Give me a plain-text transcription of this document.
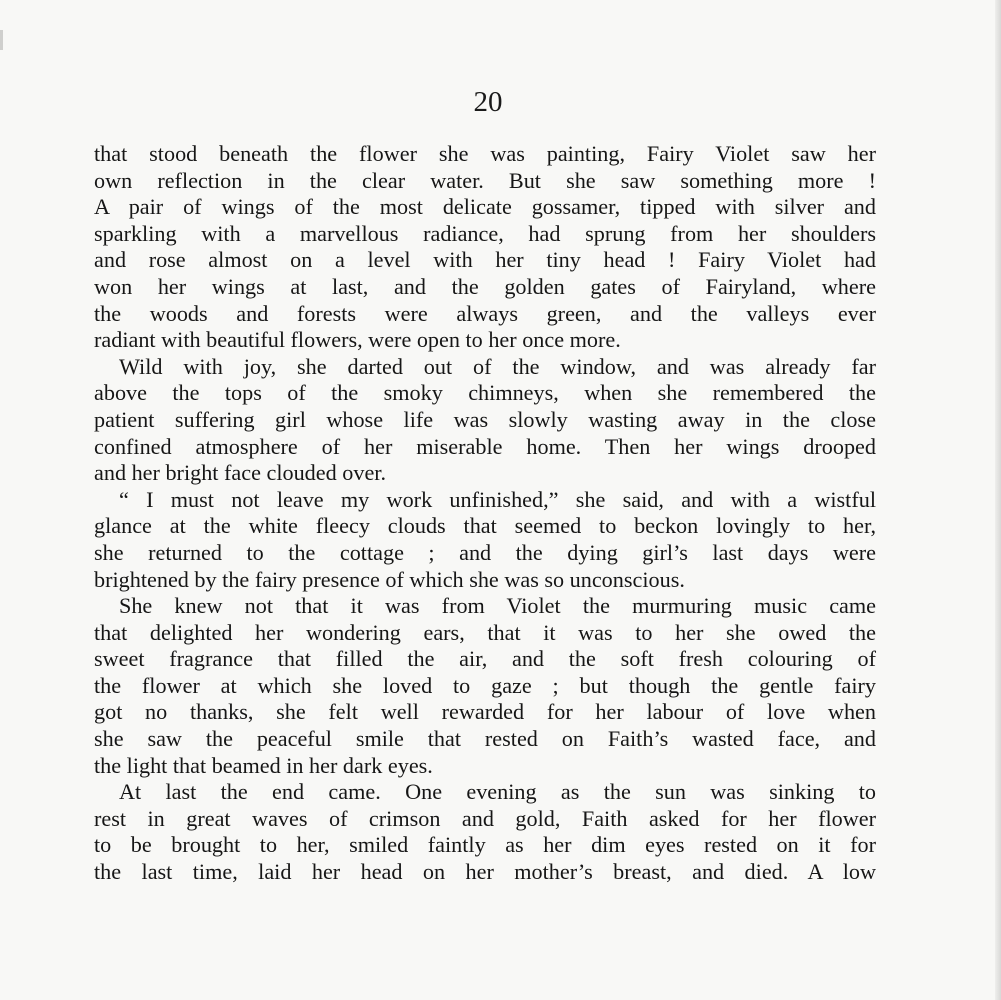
20
that stood beneath the flower she was painting, Fairy Violet saw her
own reflection in the clear water. But she saw something more !
A pair of wings of the most delicate gossamer, tipped with silver and
sparkling with a marvellous radiance, had sprung from her shoulders
and rose almost on a level with her tiny head ! Fairy Violet had
won her wings at last, and the golden gates of Fairyland, where
the woods and forests were always green, and the valleys ever
radiant with beautiful flowers, were open to her once more.
Wild with joy, she darted out of the window, and was already far
above the tops of the smoky chimneys, when she remembered the
patient suffering girl whose life was slowly wasting away in the close
confined atmosphere of her miserable home. Then her wings drooped
and her bright face clouded over.
“ I must not leave my work unfinished,” she said, and with a wistful
glance at the white fleecy clouds that seemed to beckon lovingly to her,
she returned to the cottage ; and the dying girl’s last days were
brightened by the fairy presence of which she was so unconscious.
She knew not that it was from Violet the murmuring music came
that delighted her wondering ears, that it was to her she owed the
sweet fragrance that filled the air, and the soft fresh colouring of
the flower at which she loved to gaze ; but though the gentle fairy
got no thanks, she felt well rewarded for her labour of love when
she saw the peaceful smile that rested on Faith’s wasted face, and
the light that beamed in her dark eyes.
At last the end came. One evening as the sun was sinking to
rest in great waves of crimson and gold, Faith asked for her flower
to be brought to her, smiled faintly as her dim eyes rested on it for
the last time, laid her head on her mother’s breast, and died. A low
